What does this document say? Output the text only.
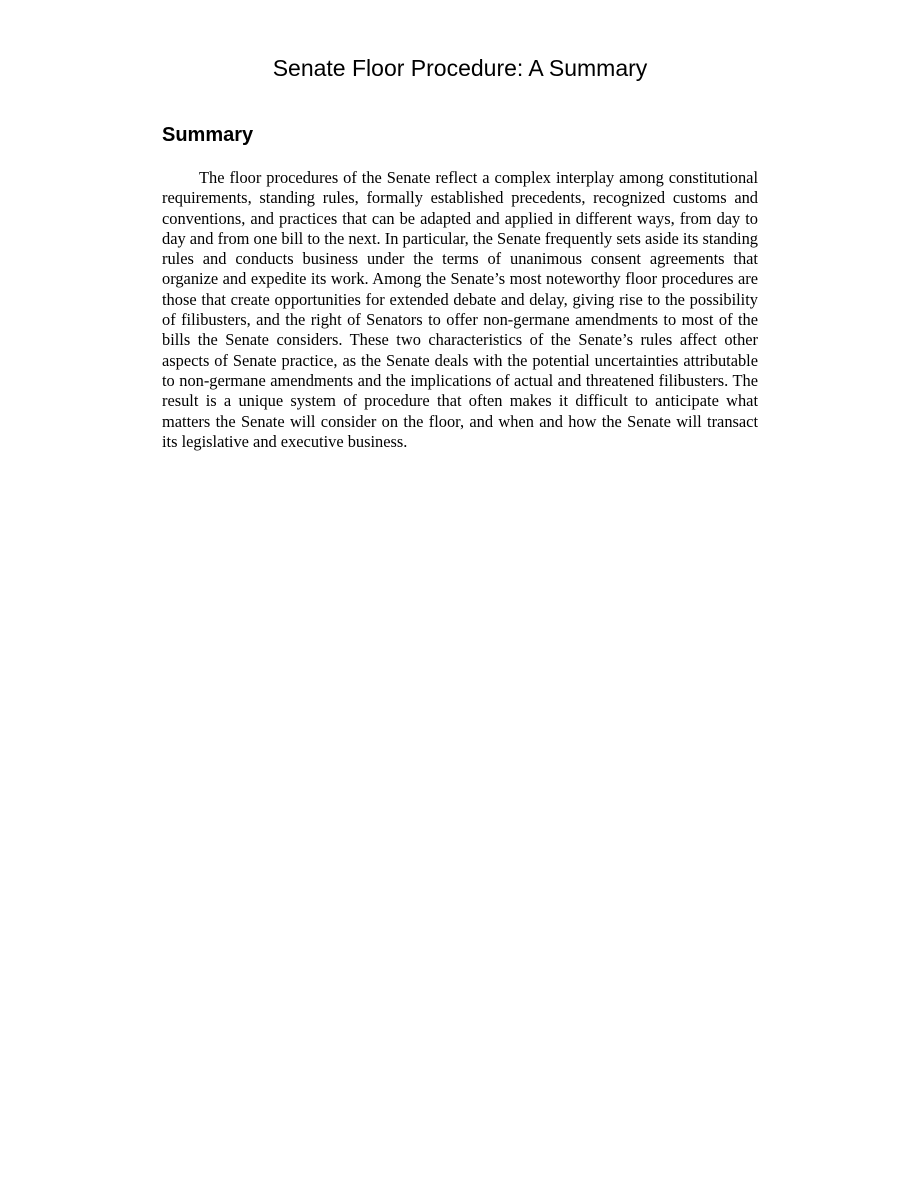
Senate Floor Procedure: A Summary
Summary

The floor procedures of the Senate reflect a complex interplay among constitutional requirements, standing rules, formally established precedents, recognized customs and conventions, and practices that can be adapted and applied in different ways, from day to day and from one bill to the next. In particular, the Senate frequently sets aside its standing rules and conducts business under the terms of unanimous consent agreements that organize and expedite its work. Among the Senate’s most noteworthy floor procedures are those that create opportunities for extended debate and delay, giving rise to the possibility of filibusters, and the right of Senators to offer non-germane amendments to most of the bills the Senate considers. These two characteristics of the Senate’s rules affect other aspects of Senate practice, as the Senate deals with the potential uncertainties attributable to non-germane amendments and the implications of actual and threatened filibusters. The result is a unique system of procedure that often makes it difficult to anticipate what matters the Senate will consider on the floor, and when and how the Senate will transact its legislative and executive business.
